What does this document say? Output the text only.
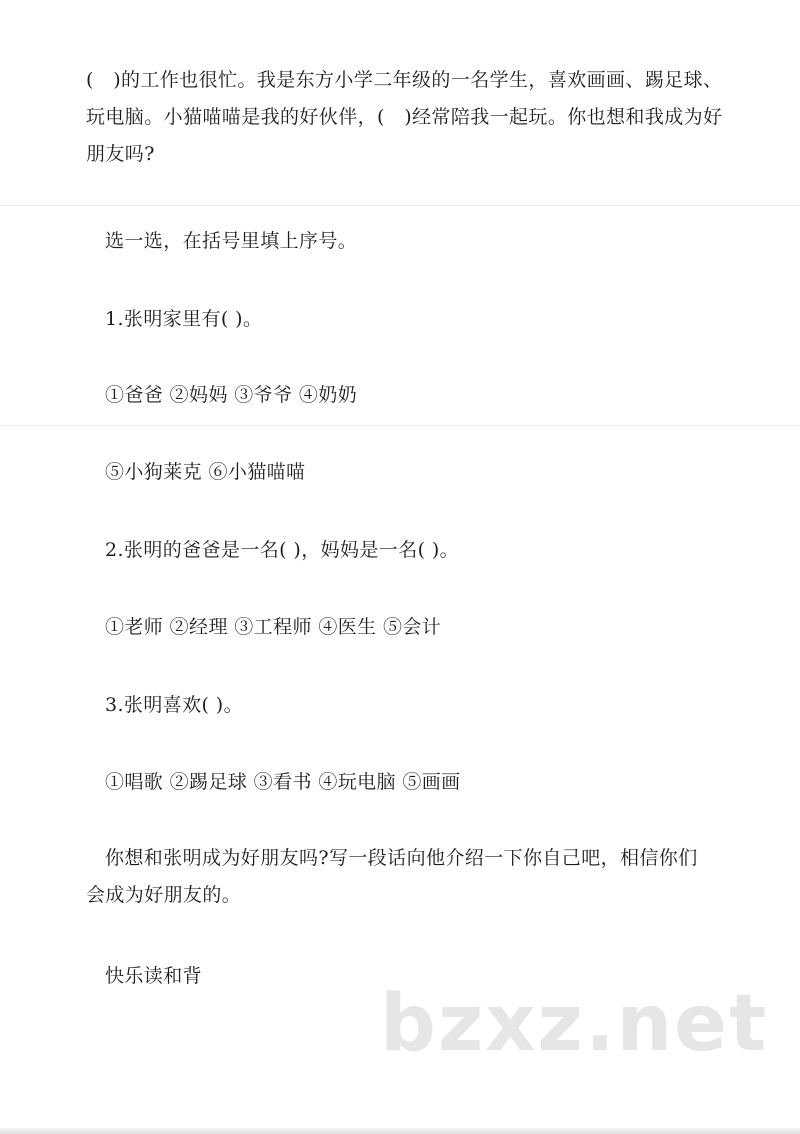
(　)的工作也很忙。我是东方小学二年级的一名学生，喜欢画画、踢足球、玩电脑。小猫喵喵是我的好伙伴，(　)经常陪我一起玩。你也想和我成为好朋友吗?

选一选，在括号里填上序号。

1.张明家里有( )。

①爸爸 ②妈妈 ③爷爷 ④奶奶

⑤小狗莱克 ⑥小猫喵喵

2.张明的爸爸是一名( )，妈妈是一名( )。

①老师 ②经理 ③工程师 ④医生 ⑤会计

3.张明喜欢( )。

①唱歌 ②踢足球 ③看书 ④玩电脑 ⑤画画

你想和张明成为好朋友吗?写一段话向他介绍一下你自己吧，相信你们会成为好朋友的。

快乐读和背

bzxz.net
